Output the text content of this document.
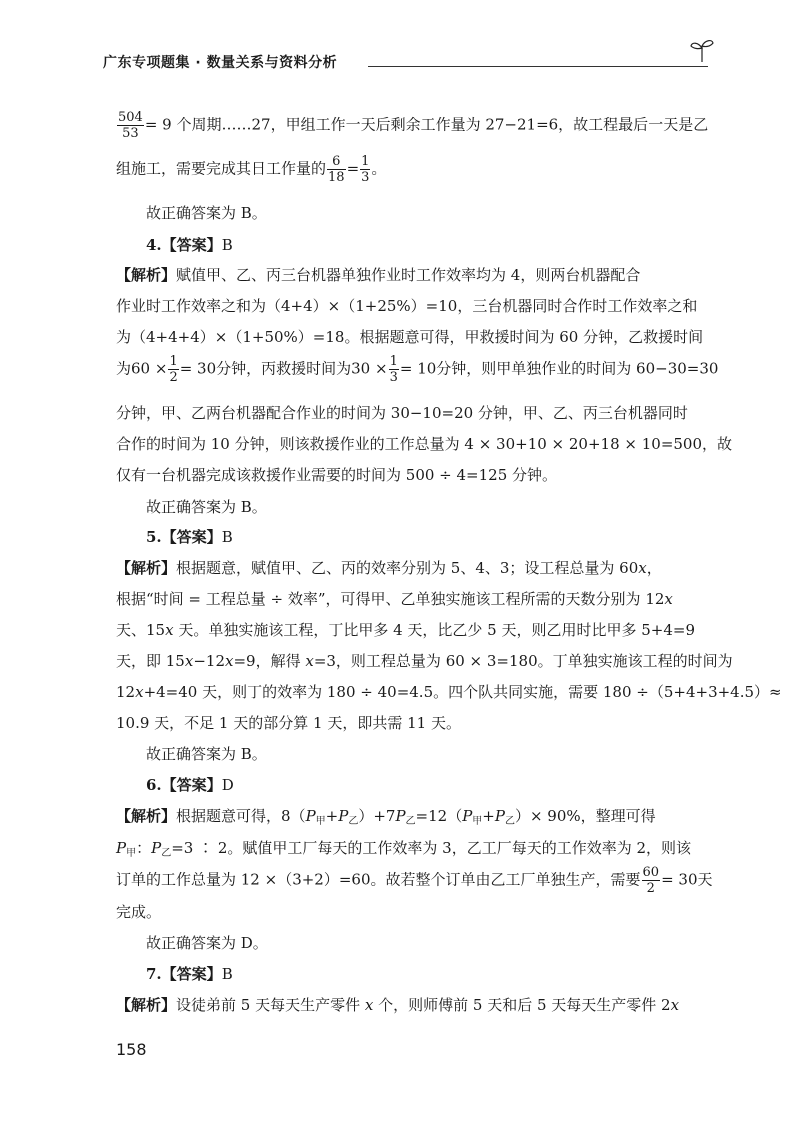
广东专项题集 · 数量关系与资料分析
$\frac{504}{53} = 9$ 个周期……27，甲组工作一天后剩余工作量为 27−21=6，故工程最后一天是乙
组施工，需要完成其日工作量的 $\frac{6}{18} = \frac{1}{3}$ 。
故正确答案为 B。
4.【答案】B
【解析】赋值甲、乙、丙三台机器单独作业时工作效率均为 4，则两台机器配合
作业时工作效率之和为（4+4）×（1+25%）=10，三台机器同时合作时工作效率之和
为（4+4+4）×（1+50%）=18。根据题意可得，甲救援时间为 60 分钟，乙救援时间
为$60 \times \frac{1}{2} = 30$分钟，丙救援时间为$30 \times \frac{1}{3} = 10$分钟，则甲单独作业的时间为 60−30=30
分钟，甲、乙两台机器配合作业的时间为 30−10=20 分钟，甲、乙、丙三台机器同时
合作的时间为 10 分钟，则该救援作业的工作总量为 4 × 30+10 × 20+18 × 10=500，故
仅有一台机器完成该救援作业需要的时间为 500 ÷ 4=125 分钟。
故正确答案为 B。
5.【答案】B
【解析】根据题意，赋值甲、乙、丙的效率分别为 5、4、3；设工程总量为 60x，
根据“时间 = 工程总量 ÷ 效率”，可得甲、乙单独实施该工程所需的天数分别为 12x
天、15x 天。单独实施该工程，丁比甲多 4 天，比乙少 5 天，则乙用时比甲多 5+4=9
天，即 15x−12x=9，解得 x=3，则工程总量为 60 × 3=180。丁单独实施该工程的时间为
12x+4=40 天，则丁的效率为 180 ÷ 40=4.5。四个队共同实施，需要 180 ÷（5+4+3+4.5）≈
10.9 天，不足 1 天的部分算 1 天，即共需 11 天。
故正确答案为 B。
6.【答案】D
【解析】根据题意可得，$8(P_甲+P_乙)+7P_乙=12(P_甲+P_乙)\times 90\%$，整理可得
$P_甲$：$P_乙=3$ ∶ 2。赋值甲工厂每天的工作效率为 3，乙工厂每天的工作效率为 2，则该
订单的工作总量为 12 ×（3+2）=60。故若整个订单由乙工厂单独生产，需要 $\frac{60}{2} = 30$天
完成。
故正确答案为 D。
7.【答案】B
【解析】设徒弟前 5 天每天生产零件 x 个，则师傅前 5 天和后 5 天每天生产零件 2x
158
